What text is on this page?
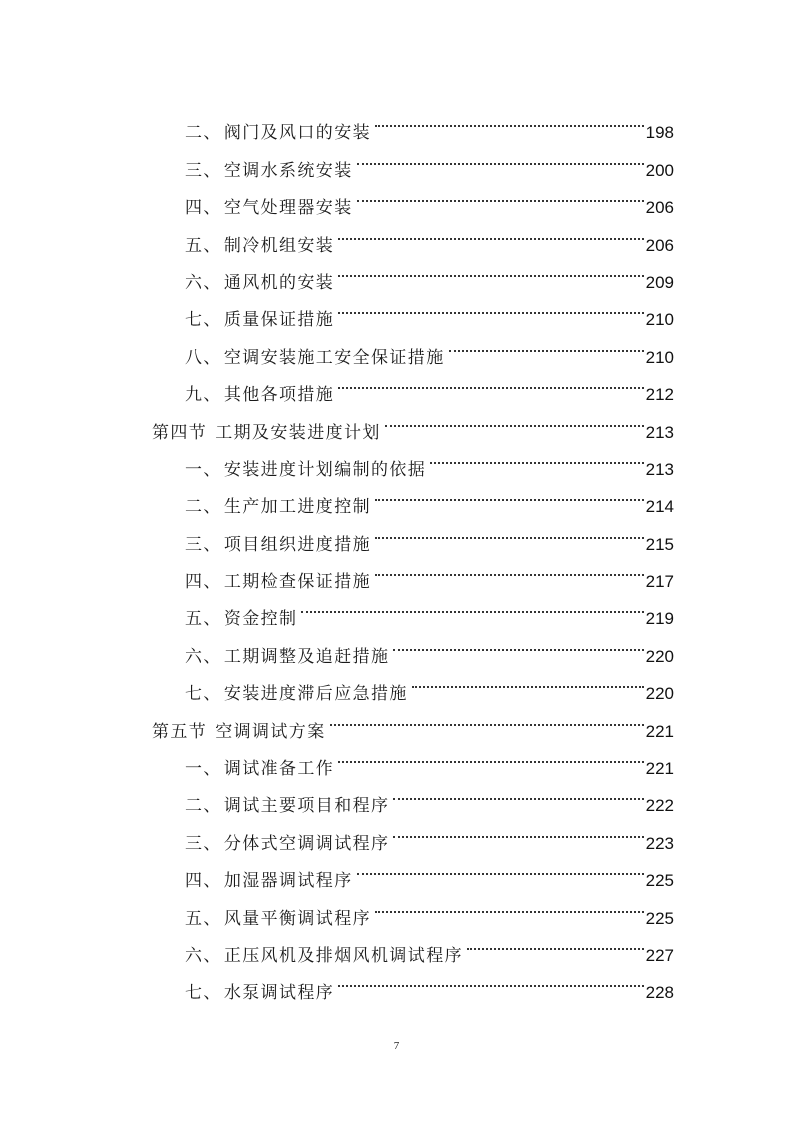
二、 阀门及风口的安装	198
三、 空调水系统安装	200
四、 空气处理器安装	206
五、 制冷机组安装	206
六、 通风机的安装	209
七、 质量保证措施	210
八、 空调安装施工安全保证措施	210
九、 其他各项措施	212
第四节 工期及安装进度计划	213
一、 安装进度计划编制的依据	213
二、 生产加工进度控制	214
三、 项目组织进度措施	215
四、 工期检查保证措施	217
五、 资金控制	219
六、 工期调整及追赶措施	220
七、 安装进度滞后应急措施	220
第五节 空调调试方案	221
一、 调试准备工作	221
二、 调试主要项目和程序	222
三、 分体式空调调试程序	223
四、 加湿器调试程序	225
五、 风量平衡调试程序	225
六、 正压风机及排烟风机调试程序	227
七、 水泵调试程序	228
7
